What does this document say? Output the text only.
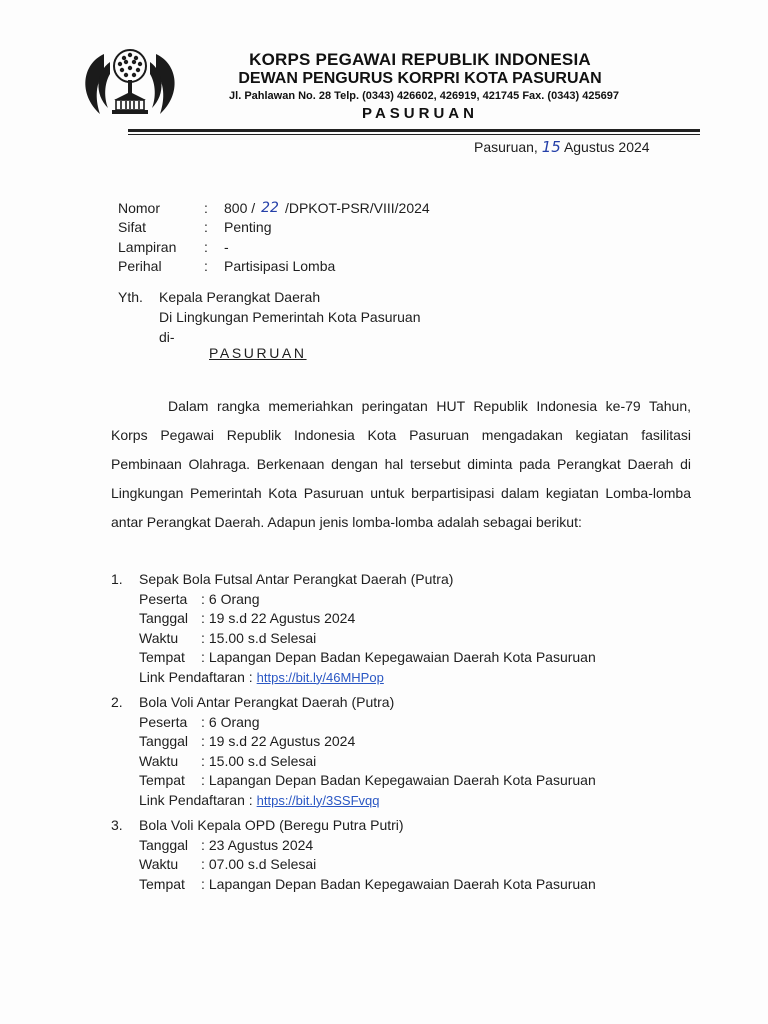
KORPS PEGAWAI REPUBLIK INDONESIA
DEWAN PENGURUS KORPRI KOTA PASURUAN
Jl. Pahlawan No. 28 Telp. (0343) 426602, 426919, 421745 Fax. (0343) 425697
PASURUAN
Pasuruan, 15 Agustus 2024
Nomor	:	800 / 22 /DPKOT-PSR/VIII/2024
Sifat	:	Penting
Lampiran	:	-
Perihal	:	Partisipasi Lomba
Yth.	Kepala Perangkat Daerah
Di Lingkungan Pemerintah Kota Pasuruan
di-
PASURUAN
Dalam rangka memeriahkan peringatan HUT Republik Indonesia ke-79 Tahun, Korps Pegawai Republik Indonesia Kota Pasuruan mengadakan kegiatan fasilitasi Pembinaan Olahraga. Berkenaan dengan hal tersebut diminta pada Perangkat Daerah di Lingkungan Pemerintah Kota Pasuruan untuk berpartisipasi dalam kegiatan Lomba-lomba antar Perangkat Daerah. Adapun jenis lomba-lomba adalah sebagai berikut:
1. Sepak Bola Futsal Antar Perangkat Daerah (Putra)
Peserta : 6 Orang
Tanggal : 19 s.d 22 Agustus 2024
Waktu	: 15.00 s.d Selesai
Tempat	: Lapangan Depan Badan Kepegawaian Daerah Kota Pasuruan
Link Pendaftaran : https://bit.ly/46MHPop
2. Bola Voli Antar Perangkat Daerah (Putra)
Peserta : 6 Orang
Tanggal : 19 s.d 22 Agustus 2024
Waktu	: 15.00 s.d Selesai
Tempat	: Lapangan Depan Badan Kepegawaian Daerah Kota Pasuruan
Link Pendaftaran : https://bit.ly/3SSFvqq
3. Bola Voli Kepala OPD (Beregu Putra Putri)
Tanggal : 23 Agustus 2024
Waktu	: 07.00 s.d Selesai
Tempat	: Lapangan Depan Badan Kepegawaian Daerah Kota Pasuruan
